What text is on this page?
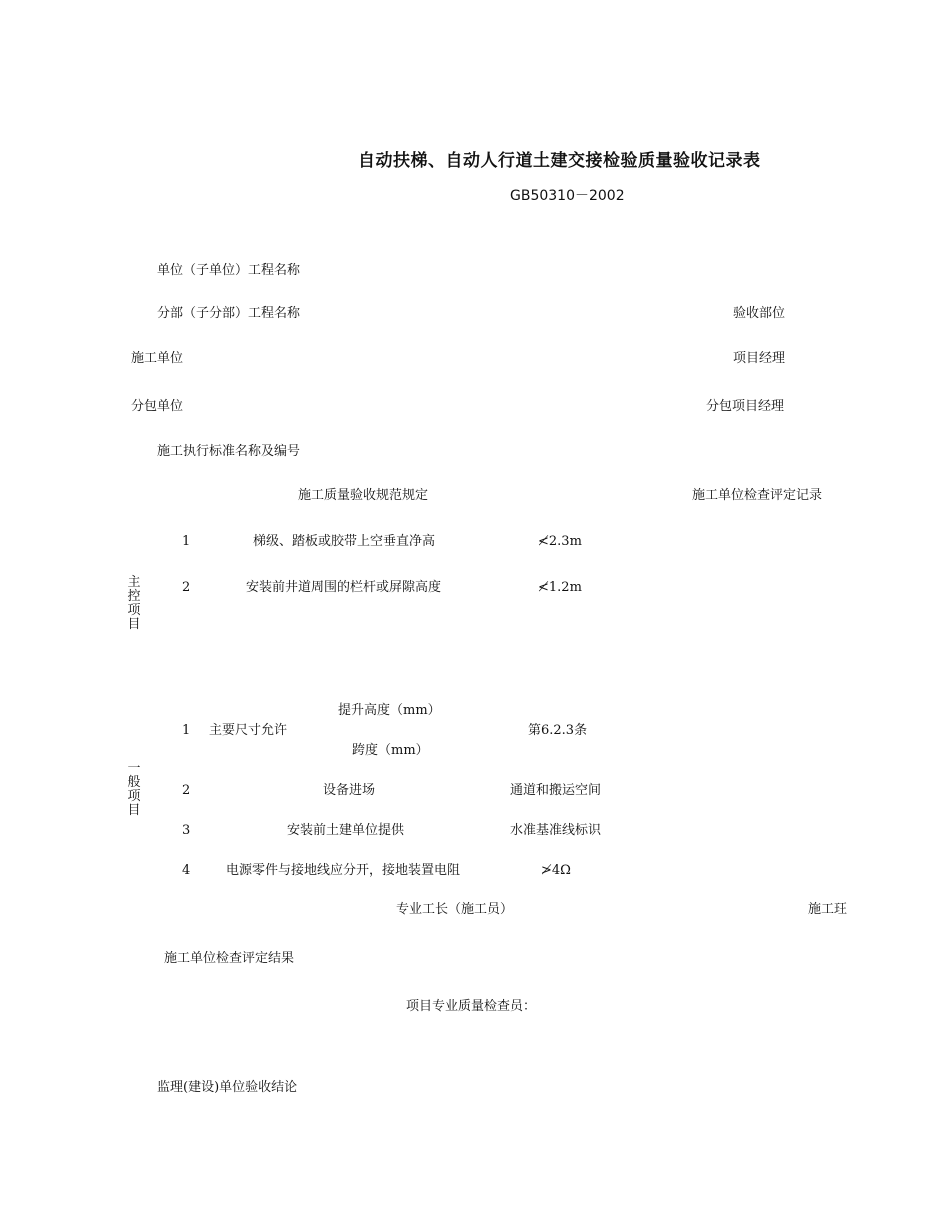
自动扶梯、自动人行道土建交接检验质量验收记录表
GB50310－2002
单位（子单位）工程名称
分部（子分部）工程名称	验收部位
施工单位	项目经理
分包单位	分包项目经理
施工执行标准名称及编号
施工质量验收规范规定	施工单位检查评定记录
主控项目
1	梯级、踏板或胶带上空垂直净高	≮2.3m
2	安装前井道周围的栏杆或屏隙高度	≮1.2m
一般项目
提升高度（mm）
1 主要尺寸允许	第6.2.3条
跨度（mm）
2	设备进场	通道和搬运空间
3	安装前土建单位提供	水准基准线标识
4	电源零件与接地线应分开，接地装置电阻	≯4Ω
专业工长（施工员）	施工玨
施工单位检查评定结果
项目专业质量检查员：
监理(建设)单位验收结论
